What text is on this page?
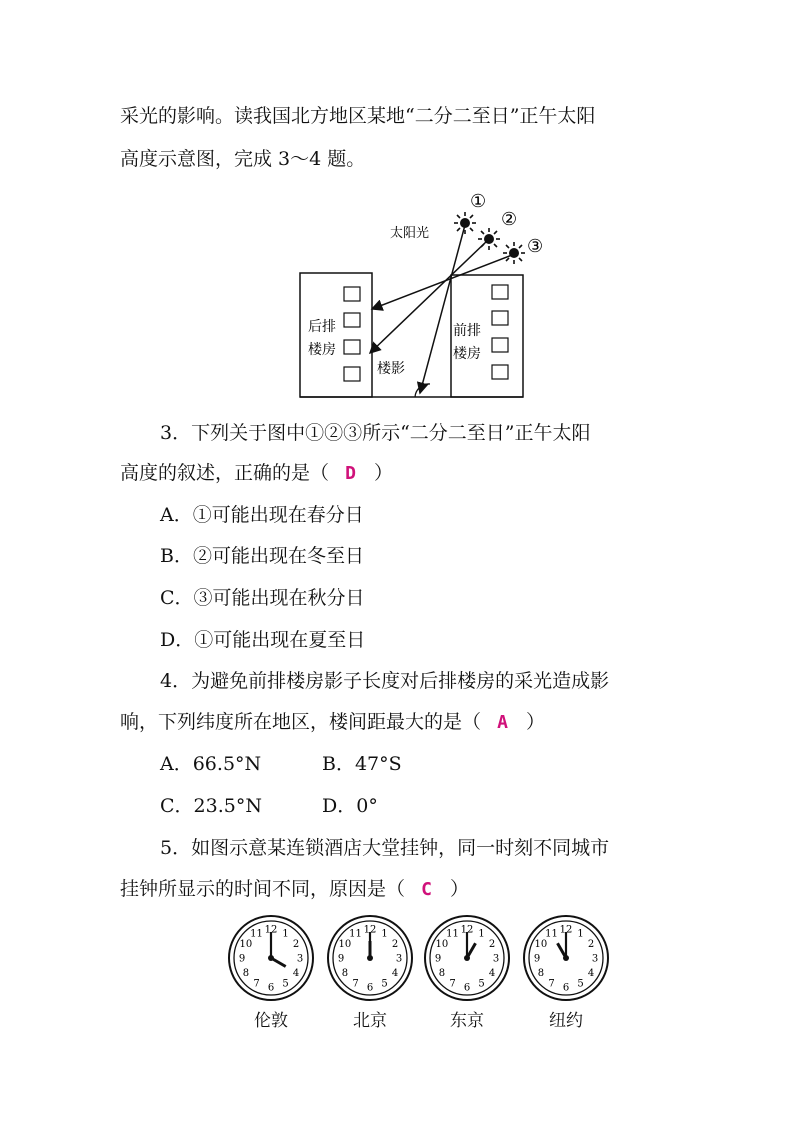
采光的影响。读我国北方地区某地“二分二至日”正午太阳
高度示意图，完成 3～4 题。
后排
楼房
前排
楼房
①
②
③
太阳光
楼影
3．下列关于图中①②③所示“二分二至日”正午太阳
高度的叙述，正确的是（ D ）
A．①可能出现在春分日
B．②可能出现在冬至日
C．③可能出现在秋分日
D．①可能出现在夏至日
4．为避免前排楼房影子长度对后排楼房的采光造成影
响，下列纬度所在地区，楼间距最大的是（ A ）
A．66.5°N	B．47°S
C．23.5°N	D．0°
5．如图示意某连锁酒店大堂挂钟，同一时刻不同城市
挂钟所显示的时间不同，原因是（ C ）
12 1
2
3
4
5
6
7
8
9
10
11
伦敦
12 1
2
3
4
5
6
7
8
9
10
11
北京
12 1
2
3
4
5
6
7
8
9
10
11
东京
12 1
2
3
4
5
6
7
8
9
10
11
纽约
